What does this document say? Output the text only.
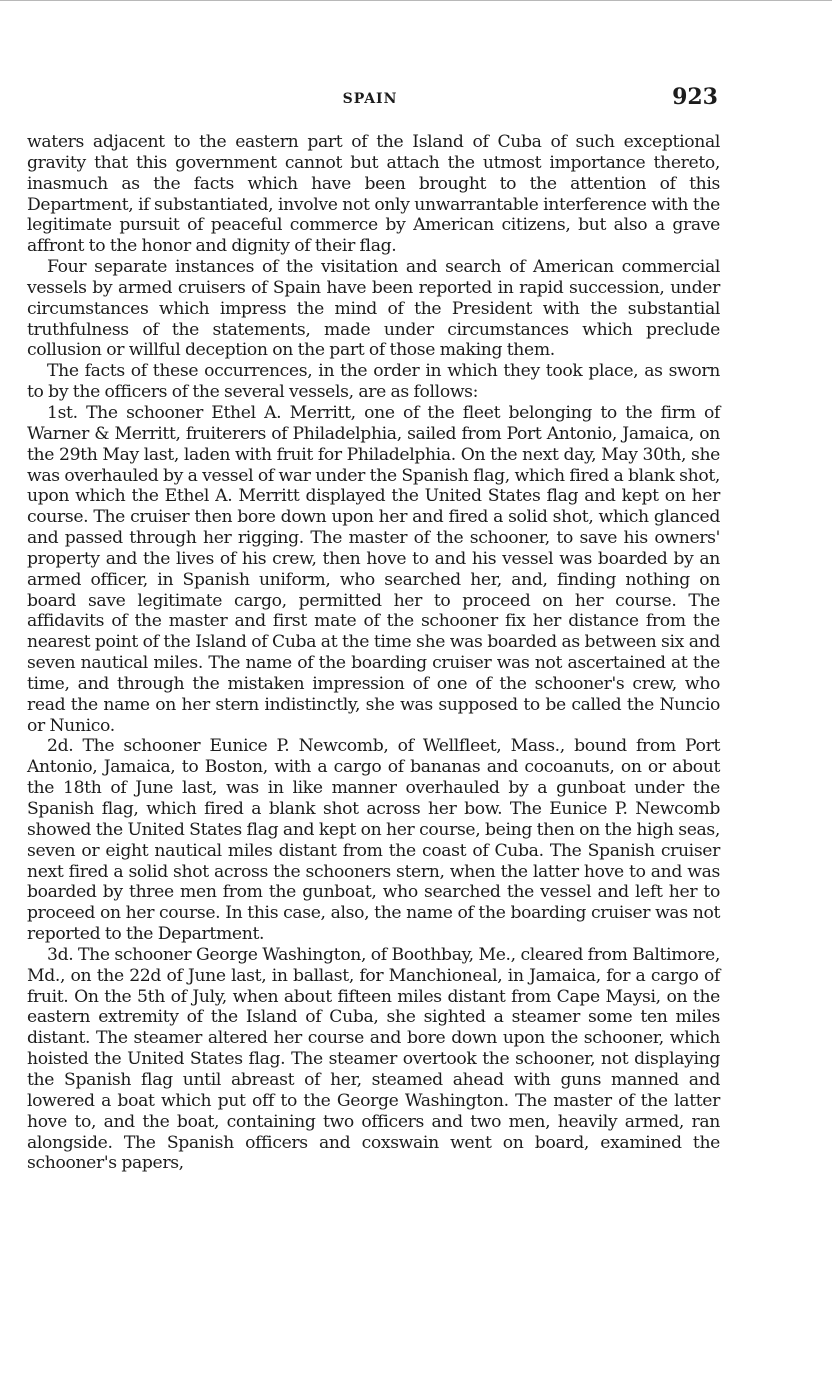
SPAIN	923

waters adjacent to the eastern part of the Island of Cuba of such exceptional gravity that this government cannot but attach the utmost importance thereto, inasmuch as the facts which have been brought to the attention of this Department, if substantiated, involve not only unwarrantable interference with the legitimate pursuit of peaceful commerce by American citizens, but also a grave affront to the honor and dignity of their flag.

Four separate instances of the visitation and search of American commercial vessels by armed cruisers of Spain have been reported in rapid succession, under circumstances which impress the mind of the President with the substantial truthfulness of the statements, made under circumstances which preclude collusion or willful deception on the part of those making them.

The facts of these occurrences, in the order in which they took place, as sworn to by the officers of the several vessels, are as follows:

1st. The schooner Ethel A. Merritt, one of the fleet belonging to the firm of Warner & Merritt, fruiterers of Philadelphia, sailed from Port Antonio, Jamaica, on the 29th May last, laden with fruit for Philadelphia. On the next day, May 30th, she was overhauled by a vessel of war under the Spanish flag, which fired a blank shot, upon which the Ethel A. Merritt displayed the United States flag and kept on her course. The cruiser then bore down upon her and fired a solid shot, which glanced and passed through her rigging. The master of the schooner, to save his owners' property and the lives of his crew, then hove to and his vessel was boarded by an armed officer, in Spanish uniform, who searched her, and, finding nothing on board save legitimate cargo, permitted her to proceed on her course. The affidavits of the master and first mate of the schooner fix her distance from the nearest point of the Island of Cuba at the time she was boarded as between six and seven nautical miles. The name of the boarding cruiser was not ascertained at the time, and through the mistaken impression of one of the schooner's crew, who read the name on her stern indistinctly, she was supposed to be called the Nuncio or Nunico.

2d. The schooner Eunice P. Newcomb, of Wellfleet, Mass., bound from Port Antonio, Jamaica, to Boston, with a cargo of bananas and cocoanuts, on or about the 18th of June last, was in like manner overhauled by a gunboat under the Spanish flag, which fired a blank shot across her bow. The Eunice P. Newcomb showed the United States flag and kept on her course, being then on the high seas, seven or eight nautical miles distant from the coast of Cuba. The Spanish cruiser next fired a solid shot across the schooners stern, when the latter hove to and was boarded by three men from the gunboat, who searched the vessel and left her to proceed on her course. In this case, also, the name of the boarding cruiser was not reported to the Department.

3d. The schooner George Washington, of Boothbay, Me., cleared from Baltimore, Md., on the 22d of June last, in ballast, for Manchioneal, in Jamaica, for a cargo of fruit. On the 5th of July, when about fifteen miles distant from Cape Maysi, on the eastern extremity of the Island of Cuba, she sighted a steamer some ten miles distant. The steamer altered her course and bore down upon the schooner, which hoisted the United States flag. The steamer overtook the schooner, not displaying the Spanish flag until abreast of her, steamed ahead with guns manned and lowered a boat which put off to the George Washington. The master of the latter hove to, and the boat, containing two officers and two men, heavily armed, ran alongside. The Spanish officers and coxswain went on board, examined the schooner's papers,
